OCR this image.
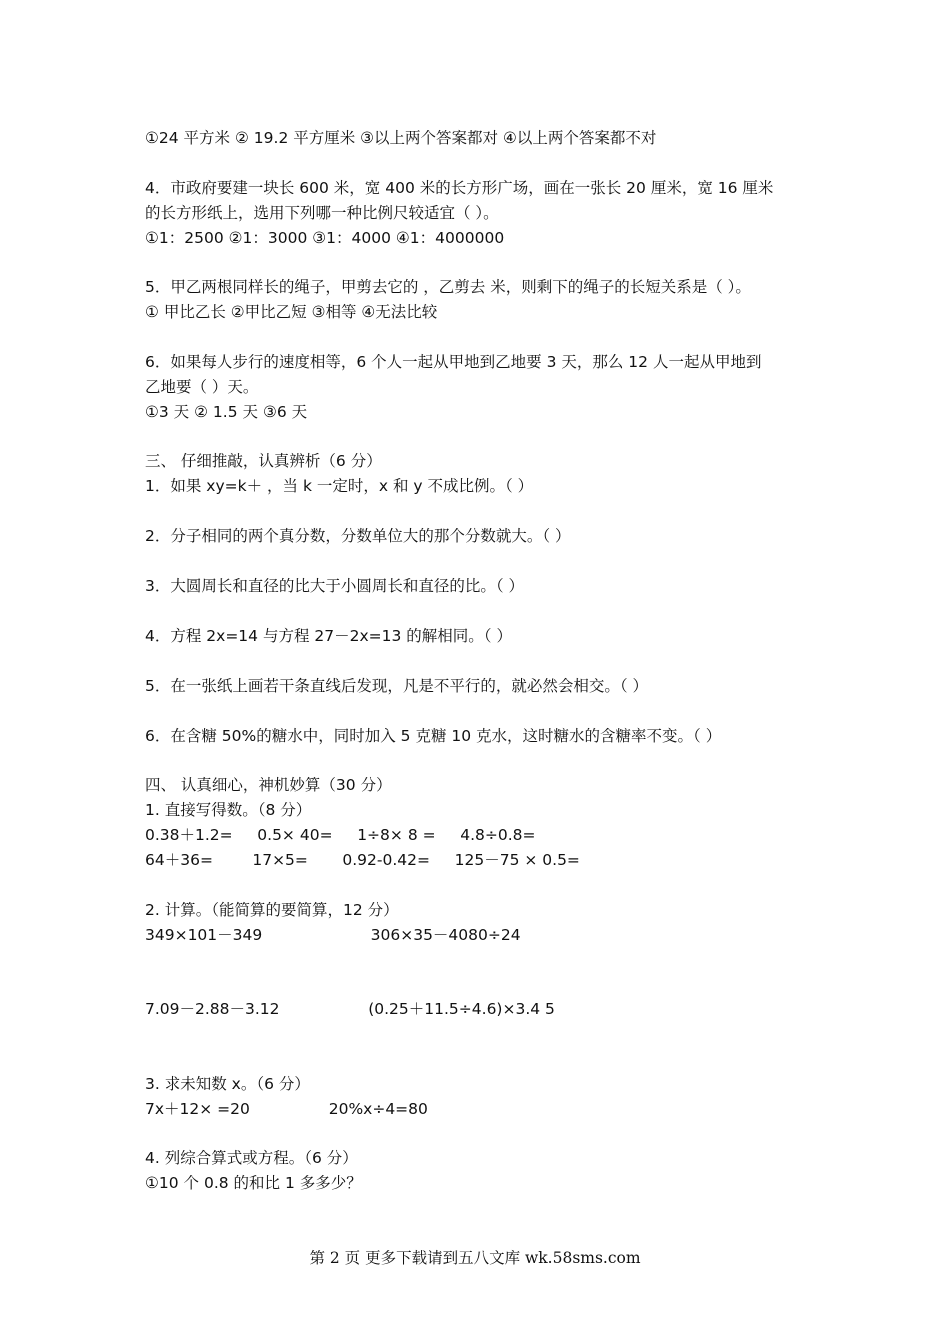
①24 平方米 ② 19.2 平方厘米 ③以上两个答案都对 ④以上两个答案都不对
4．市政府要建一块长 600 米，宽 400 米的长方形广场，画在一张长 20 厘米，宽 16 厘米
的长方形纸上，选用下列哪一种比例尺较适宜（ ）。
①1：2500 ②1：3000 ③1：4000 ④1：4000000
5．甲乙两根同样长的绳子，甲剪去它的 ，乙剪去 米，则剩下的绳子的长短关系是（ ）。
① 甲比乙长 ②甲比乙短 ③相等 ④无法比较
6．如果每人步行的速度相等，6 个人一起从甲地到乙地要 3 天，那么 12 人一起从甲地到
乙地要（ ）天。
①3 天 ② 1.5 天 ③6 天
三、 仔细推敲，认真辨析（6 分）
1．如果 xy=k＋ ，当 k 一定时，x 和 y 不成比例。（ ）
2．分子相同的两个真分数，分数单位大的那个分数就大。（ ）
3．大圆周长和直径的比大于小圆周长和直径的比。（ ）
4．方程 2x=14 与方程 27－2x=13 的解相同。（ ）
5．在一张纸上画若干条直线后发现，凡是不平行的，就必然会相交。（ ）
6．在含糖 50%的糖水中，同时加入 5 克糖 10 克水，这时糖水的含糖率不变。（ ）
四、 认真细心，神机妙算（30 分）
1. 直接写得数。（8 分）
0.38＋1.2=     0.5× 40=     1÷8× 8 =     4.8÷0.8=
64＋36=        17×5=       0.92-0.42=     125－75 × 0.5=
2. 计算。（能简算的要简算，12 分）
349×101－349                      306×35－4080÷24
7.09－2.88－3.12                  (0.25＋11.5÷4.6)×3.4 5
3. 求未知数 x。（6 分）
7x＋12× =20                20%x÷4=80
4. 列综合算式或方程。（6 分）
①10 个 0.8 的和比 1 多多少？
第 2 页 更多下载请到五八文库 wk.58sms.com
